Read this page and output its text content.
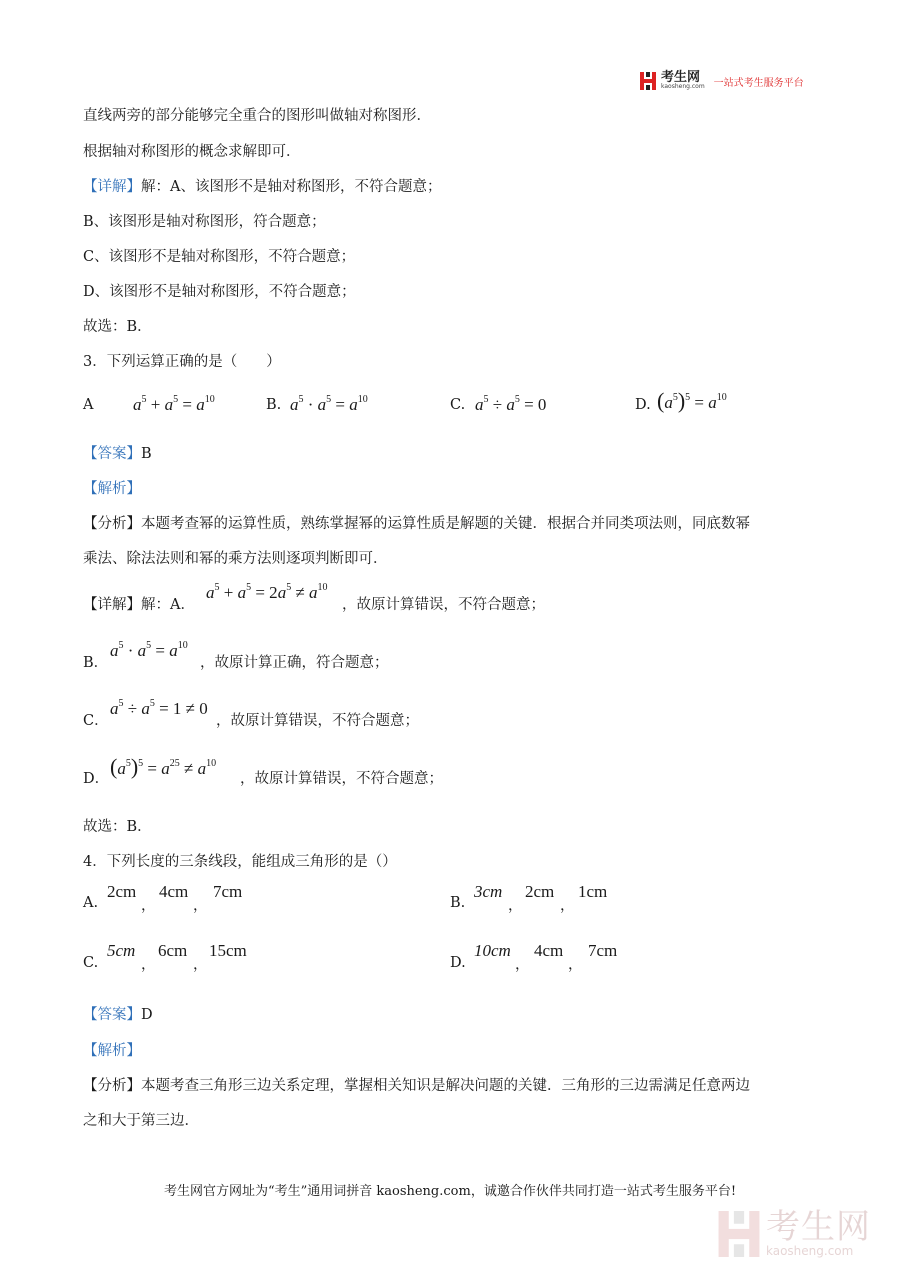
考生网
kaosheng.com 一站式考生服务平台
直线两旁的部分能够完全重合的图形叫做轴对称图形．
根据轴对称图形的概念求解即可．
【详解】解：A、该图形不是轴对称图形，不符合题意；
B、该图形是轴对称图形，符合题意；
C、该图形不是轴对称图形，不符合题意；
D、该图形不是轴对称图形，不符合题意；
故选：B．
3．下列运算正确的是（　　）
A $a^5 + a^5 = a^{10}$	B. $a^5 \cdot a^5 = a^{10}$	C. $a^5 \div a^5 = 0$	D. $(a^5)^5 = a^{10}$
【答案】B
【解析】
【分析】本题考查幂的运算性质，熟练掌握幂的运算性质是解题的关键．根据合并同类项法则，同底数幂
乘法、除法法则和幂的乘方法则逐项判断即可．
【详解】解：A．
$a^5 + a^5 = 2a^5 \ne a^{10}$
，故原计算错误，不符合题意；
B．
$a^5 \cdot a^5 = a^{10}$
，故原计算正确，符合题意；
C．
$a^5 \div a^5 = 1 \ne 0$
，故原计算错误，不符合题意；
D． $(a^5)^5 = a^{25} \ne a^{10}$
，故原计算错误，不符合题意；
故选：B．
4．下列长度的三条线段，能组成三角形的是（）
A.
2cm
，
4cm
，
7cm
B.
3cm
，
2cm
，
1cm
C.
5cm
，
6cm
，
15cm
D.
10cm
，
4cm
，
7cm
【答案】D
【解析】
【分析】本题考查三角形三边关系定理，掌握相关知识是解决问题的关键．三角形的三边需满足任意两边
之和大于第三边．
考生网官方网址为“考生”通用词拼音 kaosheng.com，诚邀合作伙伴共同打造一站式考生服务平台!
考生网
kaosheng.com
